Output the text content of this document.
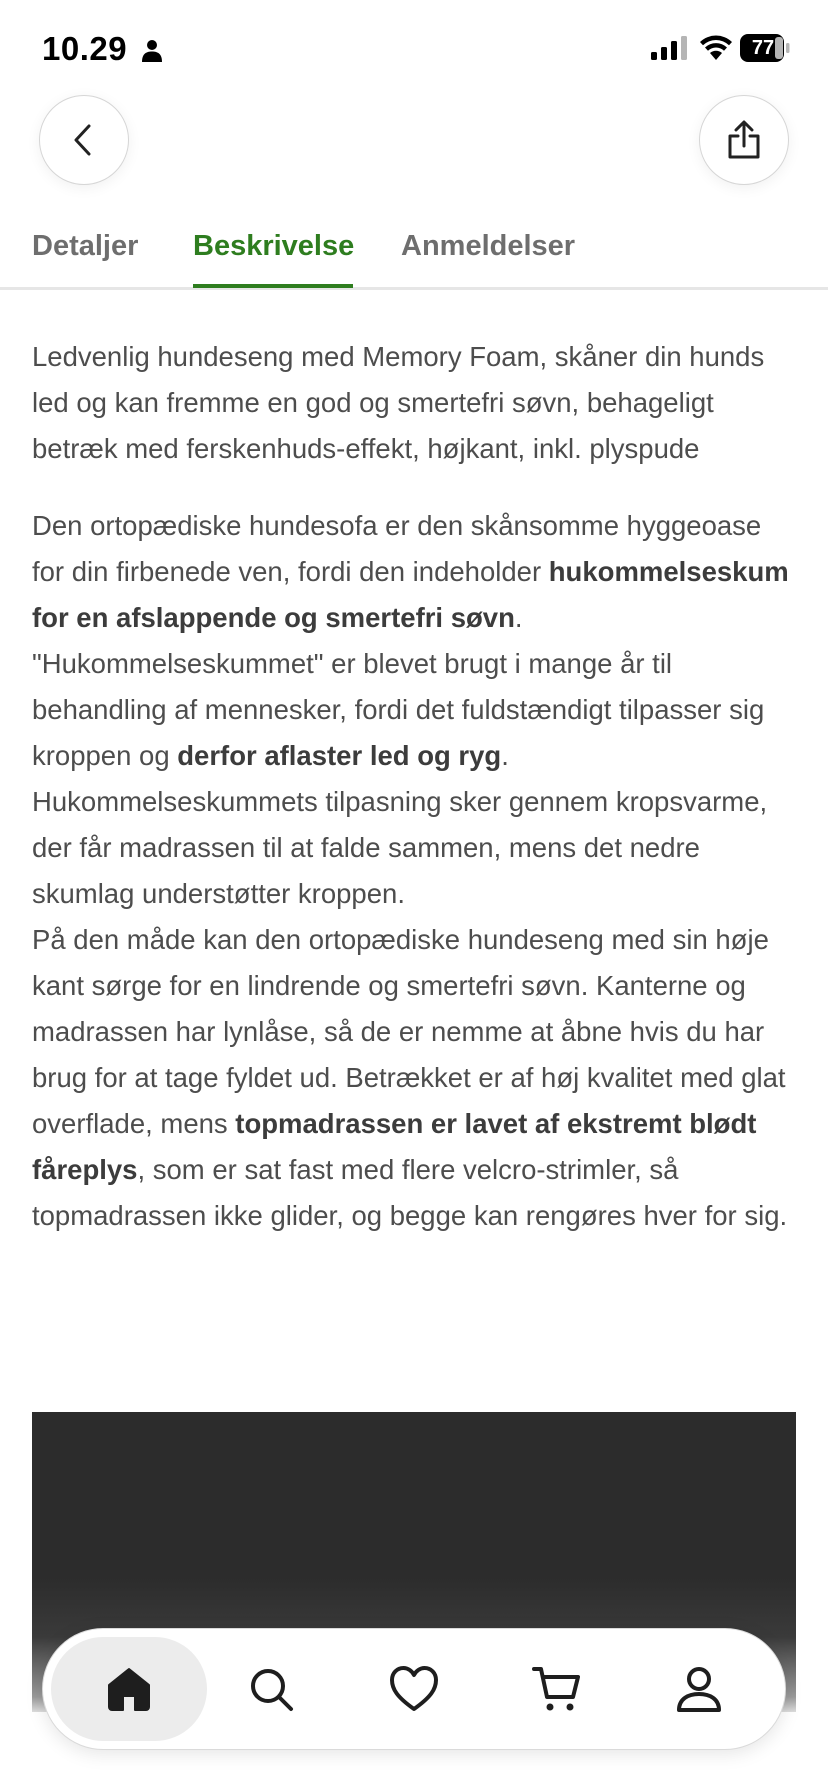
10.29	77
Detaljer Beskrivelse Anmeldelser

Ledvenlig hundeseng med Memory Foam, skåner din hunds led og kan fremme en god og smertefri søvn, behageligt betræk med ferskenhuds-effekt, højkant, inkl. plyspude

Den ortopædiske hundesofa er den skånsomme hyggeoase for din firbenede ven, fordi den indeholder hukommelseskum for en afslappende og smertefri søvn. "Hukommelseskummet" er blevet brugt i mange år til behandling af mennesker, fordi det fuldstændigt tilpasser sig kroppen og derfor aflaster led og ryg. Hukommelseskummets tilpasning sker gennem kropsvarme, der får madrassen til at falde sammen, mens det nedre skumlag understøtter kroppen.
På den måde kan den ortopædiske hundeseng med sin høje kant sørge for en lindrende og smertefri søvn. Kanterne og madrassen har lynlåse, så de er nemme at åbne hvis du har brug for at tage fyldet ud. Betrækket er af høj kvalitet med glat overflade, mens topmadrassen er lavet af ekstremt blødt fåreplys, som er sat fast med flere velcro-strimler, så topmadrassen ikke glider, og begge kan rengøres hver for sig.
